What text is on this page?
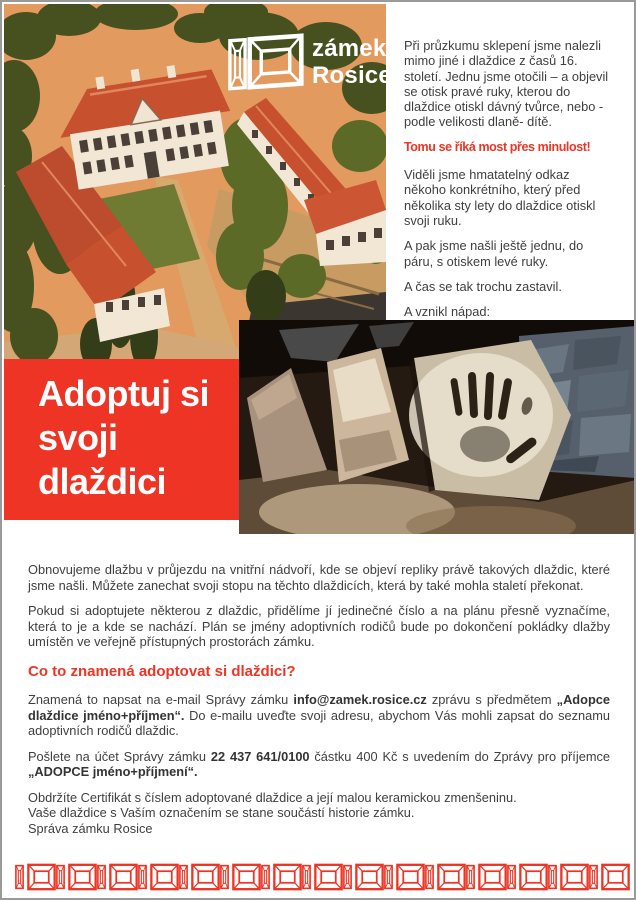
zámek
Rosice

Při průzkumu sklepení jsme nalezli mimo jiné i dlaždice z časů 16. století. Jednu jsme otočili – a objevil se otisk pravé ruky, kterou do dlaždice otiskl dávný tvůrce, nebo -podle velikosti dlaně- dítě.

Tomu se říká most přes minulost!

Viděli jsme hmatatelný odkaz někoho konkrétního, který před několika sty lety do dlaždice otiskl svoji ruku.

A pak jsme našli ještě jednu, do páru, s otiskem levé ruky.

A čas se tak trochu zastavil.

A vznikl nápad:

Adoptuj si
svoji
dlaždici

Obnovujeme dlažbu v průjezdu na vnitřní nádvoří, kde se objeví repliky právě takových dlaždic, které jsme našli. Můžete zanechat svoji stopu na těchto dlaždicích, která by také mohla staletí překonat.

Pokud si adoptujete některou z dlaždic, přidělíme jí jedinečné číslo a na plánu přesně vyznačíme, která to je a kde se nachází. Plán se jmény adoptivních rodičů bude po dokončení pokládky dlažby umístěn ve veřejně přístupných prostorách zámku.

Co to znamená adoptovat si dlaždici?

Znamená to napsat na e-mail Správy zámku info@zamek.rosice.cz zprávu s předmětem „Adopce dlaždice jméno+příjmen“. Do e-mailu uveďte svoji adresu, abychom Vás mohli zapsat do seznamu adoptivních rodičů dlaždic.

Pošlete na účet Správy zámku 22 437 641/0100 částku 400 Kč s uvedením do Zprávy pro příjemce „ADOPCE jméno+příjmení“.

Obdržíte Certifikát s číslem adoptované dlaždice a její malou keramickou zmenšeninu.

Vaše dlaždice s Vaším označením se stane součástí historie zámku.

Správa zámku Rosice
